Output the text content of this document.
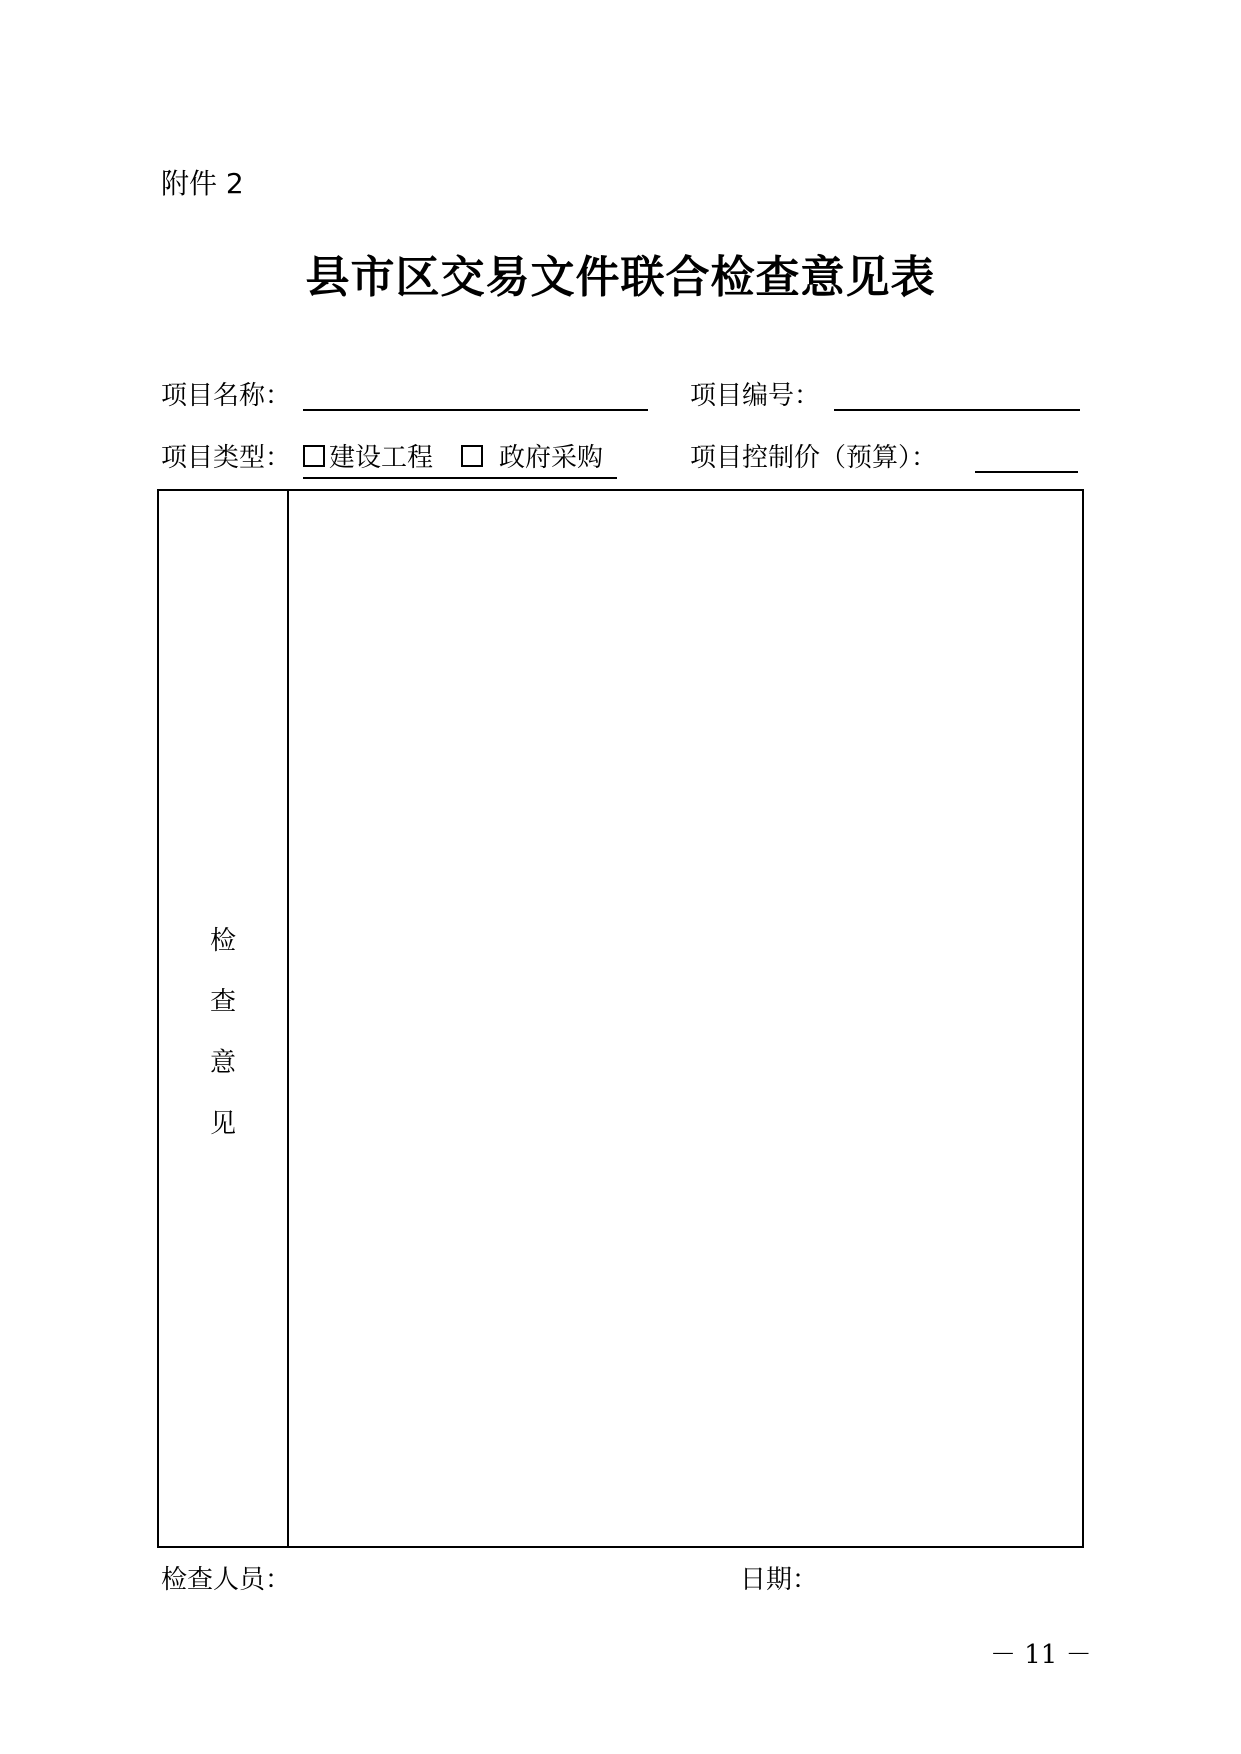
附件 2
县市区交易文件联合检查意见表
项目名称：	项目编号：
项目类型：	建设工程	政府采购	项目控制价（预算）：
检
查
意
见
检查人员：	日期：
－ 11 －
